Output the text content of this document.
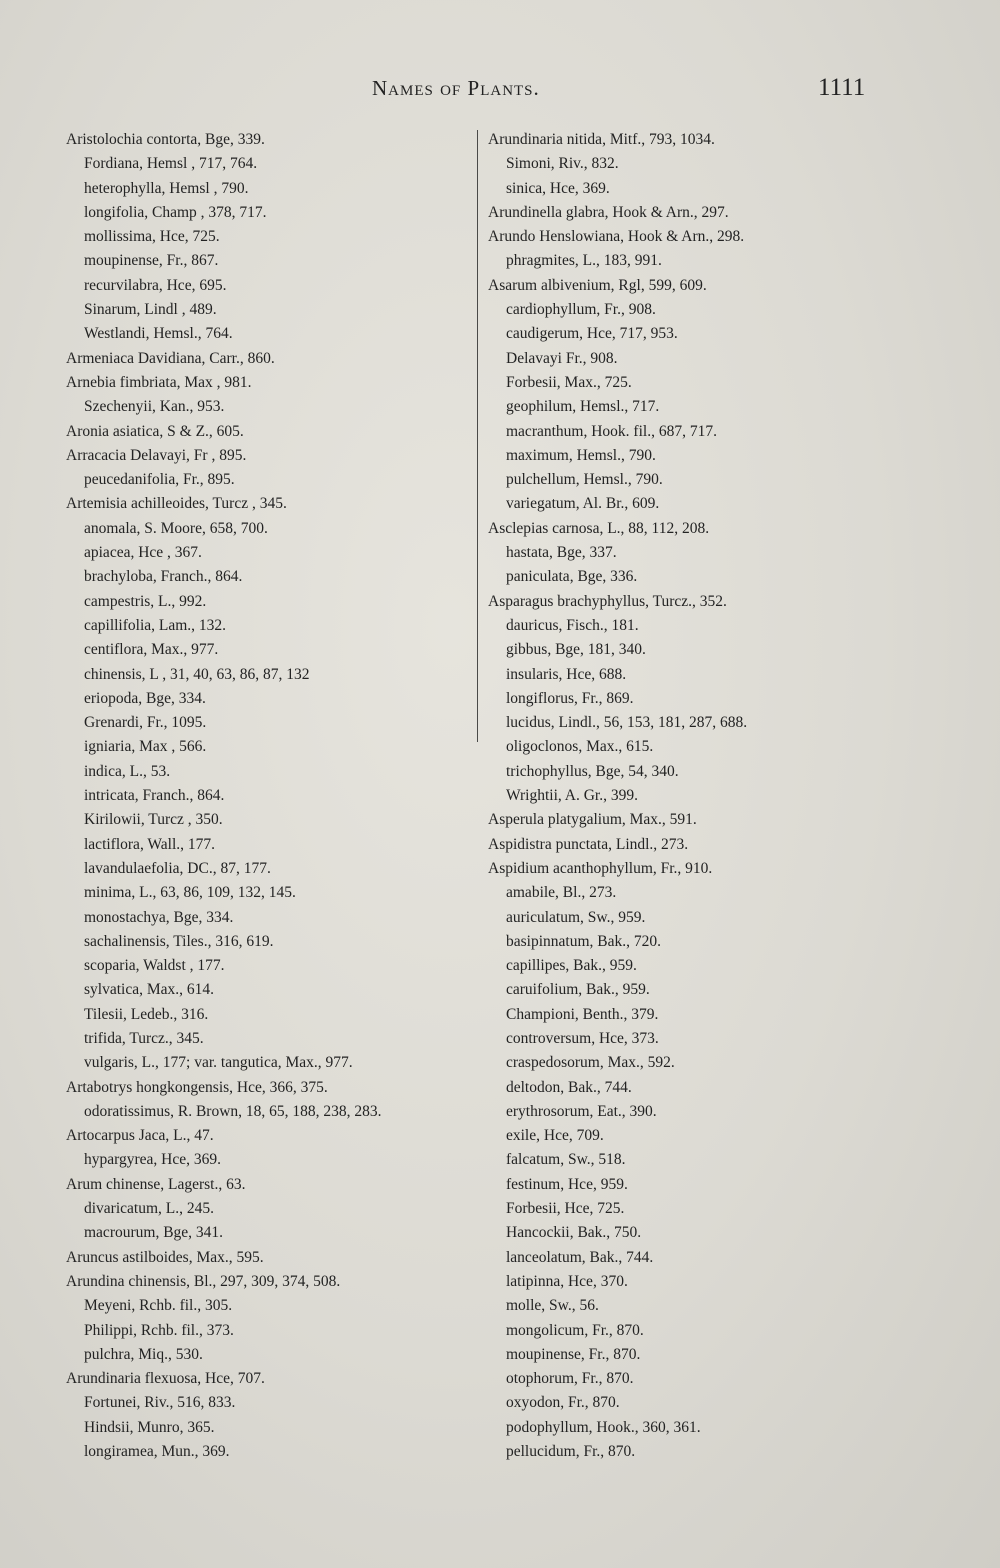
Names of Plants.	1111
Aristolochia contorta, Bge, 339.
Fordiana, Hemsl , 717, 764.
heterophylla, Hemsl , 790.
longifolia, Champ , 378, 717.
mollissima, Hce, 725.
moupinense, Fr., 867.
recurvilabra, Hce, 695.
Sinarum, Lindl , 489.
Westlandi, Hemsl., 764.
Armeniaca Davidiana, Carr., 860.
Arnebia fimbriata, Max , 981.
Szechenyii, Kan., 953.
Aronia asiatica, S & Z., 605.
Arracacia Delavayi, Fr , 895.
peucedanifolia, Fr., 895.
Artemisia achilleoides, Turcz , 345.
anomala, S. Moore, 658, 700.
apiacea, Hce , 367.
brachyloba, Franch., 864.
campestris, L., 992.
capillifolia, Lam., 132.
centiflora, Max., 977.
chinensis, L , 31, 40, 63, 86, 87, 132
eriopoda, Bge, 334.
Grenardi, Fr., 1095.
igniaria, Max , 566.
indica, L., 53.
intricata, Franch., 864.
Kirilowii, Turcz , 350.
lactiflora, Wall., 177.
lavandulaefolia, DC., 87, 177.
minima, L., 63, 86, 109, 132, 145.
monostachya, Bge, 334.
sachalinensis, Tiles., 316, 619.
scoparia, Waldst , 177.
sylvatica, Max., 614.
Tilesii, Ledeb., 316.
trifida, Turcz., 345.
vulgaris, L., 177; var. tangutica, Max., 977.
Artabotrys hongkongensis, Hce, 366, 375.
odoratissimus, R. Brown, 18, 65, 188, 238, 283.
Artocarpus Jaca, L., 47.
hypargyrea, Hce, 369.
Arum chinense, Lagerst., 63.
divaricatum, L., 245.
macrourum, Bge, 341.
Aruncus astilboides, Max., 595.
Arundina chinensis, Bl., 297, 309, 374, 508.
Meyeni, Rchb. fil., 305.
Philippi, Rchb. fil., 373.
pulchra, Miq., 530.
Arundinaria flexuosa, Hce, 707.
Fortunei, Riv., 516, 833.
Hindsii, Munro, 365.
longiramea, Mun., 369.
Arundinaria nitida, Mitf., 793, 1034.
Simoni, Riv., 832.
sinica, Hce, 369.
Arundinella glabra, Hook & Arn., 297.
Arundo Henslowiana, Hook & Arn., 298.
phragmites, L., 183, 991.
Asarum albivenium, Rgl, 599, 609.
cardiophyllum, Fr., 908.
caudigerum, Hce, 717, 953.
Delavayi Fr., 908.
Forbesii, Max., 725.
geophilum, Hemsl., 717.
macranthum, Hook. fil., 687, 717.
maximum, Hemsl., 790.
pulchellum, Hemsl., 790.
variegatum, Al. Br., 609.
Asclepias carnosa, L., 88, 112, 208.
hastata, Bge, 337.
paniculata, Bge, 336.
Asparagus brachyphyllus, Turcz., 352.
dauricus, Fisch., 181.
gibbus, Bge, 181, 340.
insularis, Hce, 688.
longiflorus, Fr., 869.
lucidus, Lindl., 56, 153, 181, 287, 688.
oligoclonos, Max., 615.
trichophyllus, Bge, 54, 340.
Wrightii, A. Gr., 399.
Asperula platygalium, Max., 591.
Aspidistra punctata, Lindl., 273.
Aspidium acanthophyllum, Fr., 910.
amabile, Bl., 273.
auriculatum, Sw., 959.
basipinnatum, Bak., 720.
capillipes, Bak., 959.
caruifolium, Bak., 959.
Championi, Benth., 379.
controversum, Hce, 373.
craspedosorum, Max., 592.
deltodon, Bak., 744.
erythrosorum, Eat., 390.
exile, Hce, 709.
falcatum, Sw., 518.
festinum, Hce, 959.
Forbesii, Hce, 725.
Hancockii, Bak., 750.
lanceolatum, Bak., 744.
latipinna, Hce, 370.
molle, Sw., 56.
mongolicum, Fr., 870.
moupinense, Fr., 870.
otophorum, Fr., 870.
oxyodon, Fr., 870.
podophyllum, Hook., 360, 361.
pellucidum, Fr., 870.
